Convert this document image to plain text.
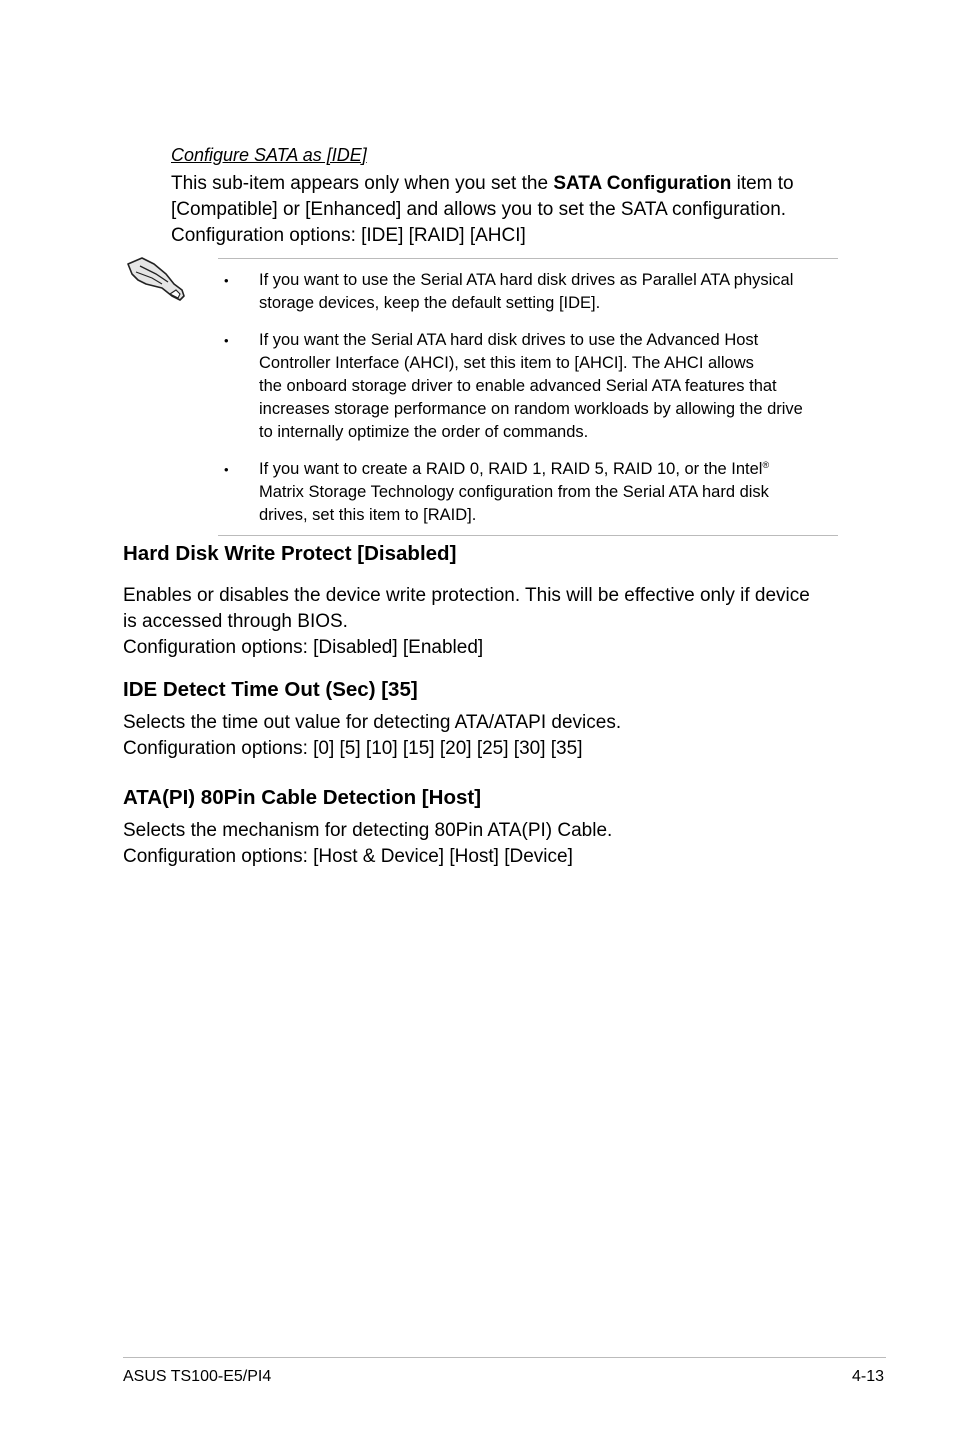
Configure SATA as [IDE]

This sub-item appears only when you set the SATA Configuration item to

[Compatible] or [Enhanced] and allows you to set the SATA configuration.

Configuration options: [IDE] [RAID] [AHCI]

• If you want to use the Serial ATA hard disk drives as Parallel ATA physical

storage devices, keep the default setting [IDE].

• If you want the Serial ATA hard disk drives to use the Advanced Host

Controller Interface (AHCI), set this item to [AHCI]. The AHCI allows

the onboard storage driver to enable advanced Serial ATA features that

increases storage performance on random workloads by allowing the drive

to internally optimize the order of commands.

• If you want to create a RAID 0, RAID 1, RAID 5, RAID 10, or the Intel®

Matrix Storage Technology configuration from the Serial ATA hard disk

drives, set this item to [RAID].

Hard Disk Write Protect [Disabled]

Enables or disables the device write protection. This will be effective only if device

is accessed through BIOS.

Configuration options: [Disabled] [Enabled]

IDE Detect Time Out (Sec) [35]

Selects the time out value for detecting ATA/ATAPI devices.

Configuration options: [0] [5] [10] [15] [20] [25] [30] [35]

ATA(PI) 80Pin Cable Detection [Host]

Selects the mechanism for detecting 80Pin ATA(PI) Cable.

Configuration options: [Host & Device] [Host] [Device]

ASUS TS100-E5/PI4	4-13
